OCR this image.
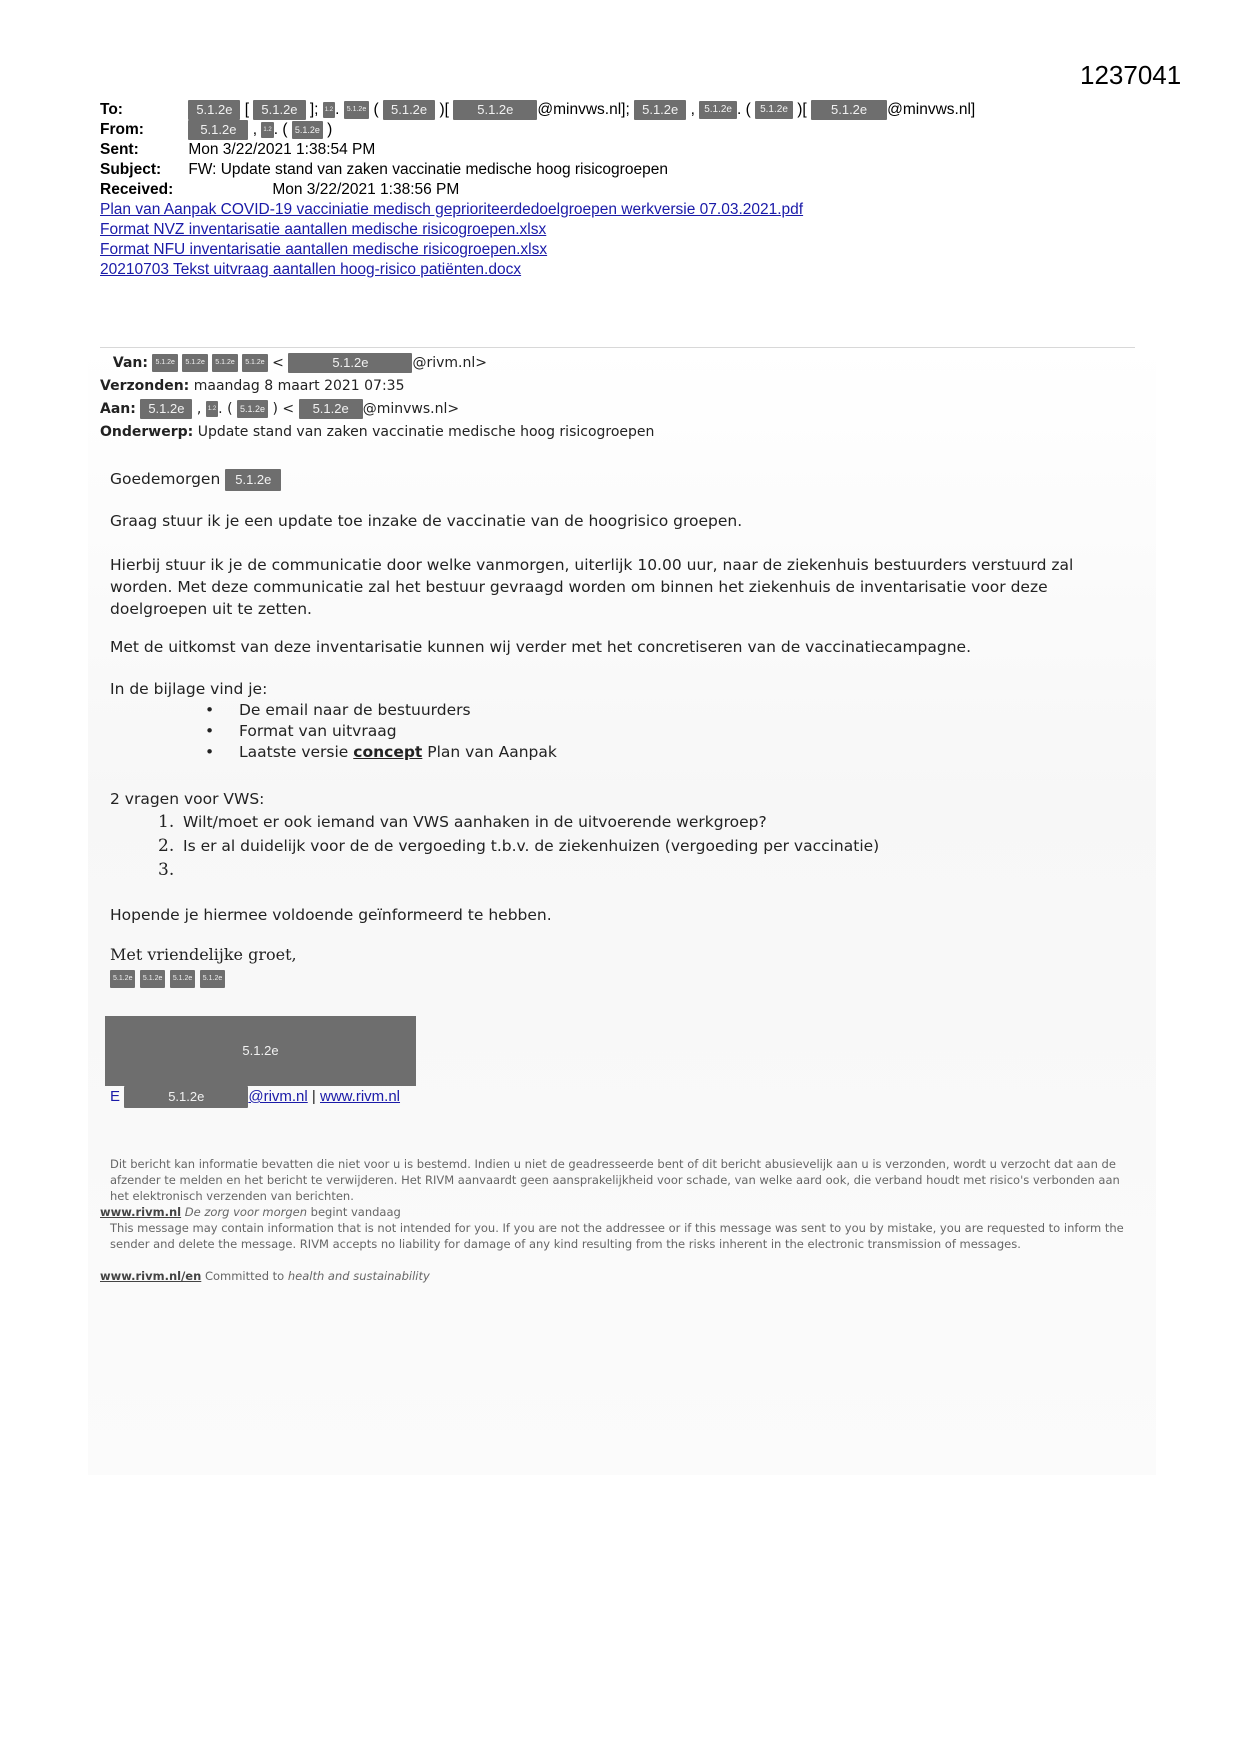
1237041
To:	5.1.2e [ 5.1.2e ]; 1.2 . 5.1.2e ( 5.1.2e )[ 5.1.2e @minvws.nl]; 5.1.2e , 5.1.2e . ( 5.1.2e )[ 5.1.2e @minvws.nl]
From:	5.1.2e , 1.2 . ( 5.1.2e )
Sent:	Mon 3/22/2021 1:38:54 PM
Subject: FW: Update stand van zaken vaccinatie medische hoog risicogroepen
Received:	Mon 3/22/2021 1:38:56 PM
Plan van Aanpak COVID-19 vacciniatie medisch geprioriteerdedoelgroepen werkversie 07.03.2021.pdf
Format NVZ inventarisatie aantallen medische risicogroepen.xlsx
Format NFU inventarisatie aantallen medische risicogroepen.xlsx
20210703 Tekst uitvraag aantallen hoog-risico patiënten.docx
Van: 5.1.2e 5.1.2e 5.1.2e 5.1.2e <	5.1.2e	@rivm.nl>
Verzonden: maandag 8 maart 2021 07:35
Aan: 5.1.2e , 1.2 . ( 5.1.2e ) < 5.1.2e @minvws.nl>
Onderwerp: Update stand van zaken vaccinatie medische hoog risicogroepen
Goedemorgen 5.1.2e
Graag stuur ik je een update toe inzake de vaccinatie van de hoogrisico groepen.
Hierbij stuur ik je de communicatie door welke vanmorgen, uiterlijk 10.00 uur, naar de ziekenhuis bestuurders verstuurd zal worden. Met deze communicatie zal het bestuur gevraagd worden om binnen het ziekenhuis de inventarisatie voor deze doelgroepen uit te zetten.
Met de uitkomst van deze inventarisatie kunnen wij verder met het concretiseren van de vaccinatiecampagne.
In de bijlage vind je:
• De email naar de bestuurders
• Format van uitvraag
• Laatste versie concept Plan van Aanpak
2 vragen voor VWS:
1. Wilt/moet er ook iemand van VWS aanhaken in de uitvoerende werkgroep?
2. Is er al duidelijk voor de de vergoeding t.b.v. de ziekenhuizen (vergoeding per vaccinatie)
3.
Hopende je hiermee voldoende geïnformeerd te hebben.
Met vriendelijke groet,
5.1.2e 5.1.2e 5.1.2e 5.1.2e
5.1.2e
E	5.1.2e	@rivm.nl | www.rivm.nl
Dit bericht kan informatie bevatten die niet voor u is bestemd. Indien u niet de geadresseerde bent of dit bericht abusievelijk aan u is verzonden, wordt u verzocht dat aan de afzender te melden en het bericht te verwijderen. Het RIVM aanvaardt geen aansprakelijkheid voor schade, van welke aard ook, die verband houdt met risico's verbonden aan het elektronisch verzenden van berichten.
www.rivm.nl De zorg voor morgen begint vandaag
This message may contain information that is not intended for you. If you are not the addressee or if this message was sent to you by mistake, you are requested to inform the sender and delete the message. RIVM accepts no liability for damage of any kind resulting from the risks inherent in the electronic transmission of messages.
www.rivm.nl/en Committed to health and sustainability
